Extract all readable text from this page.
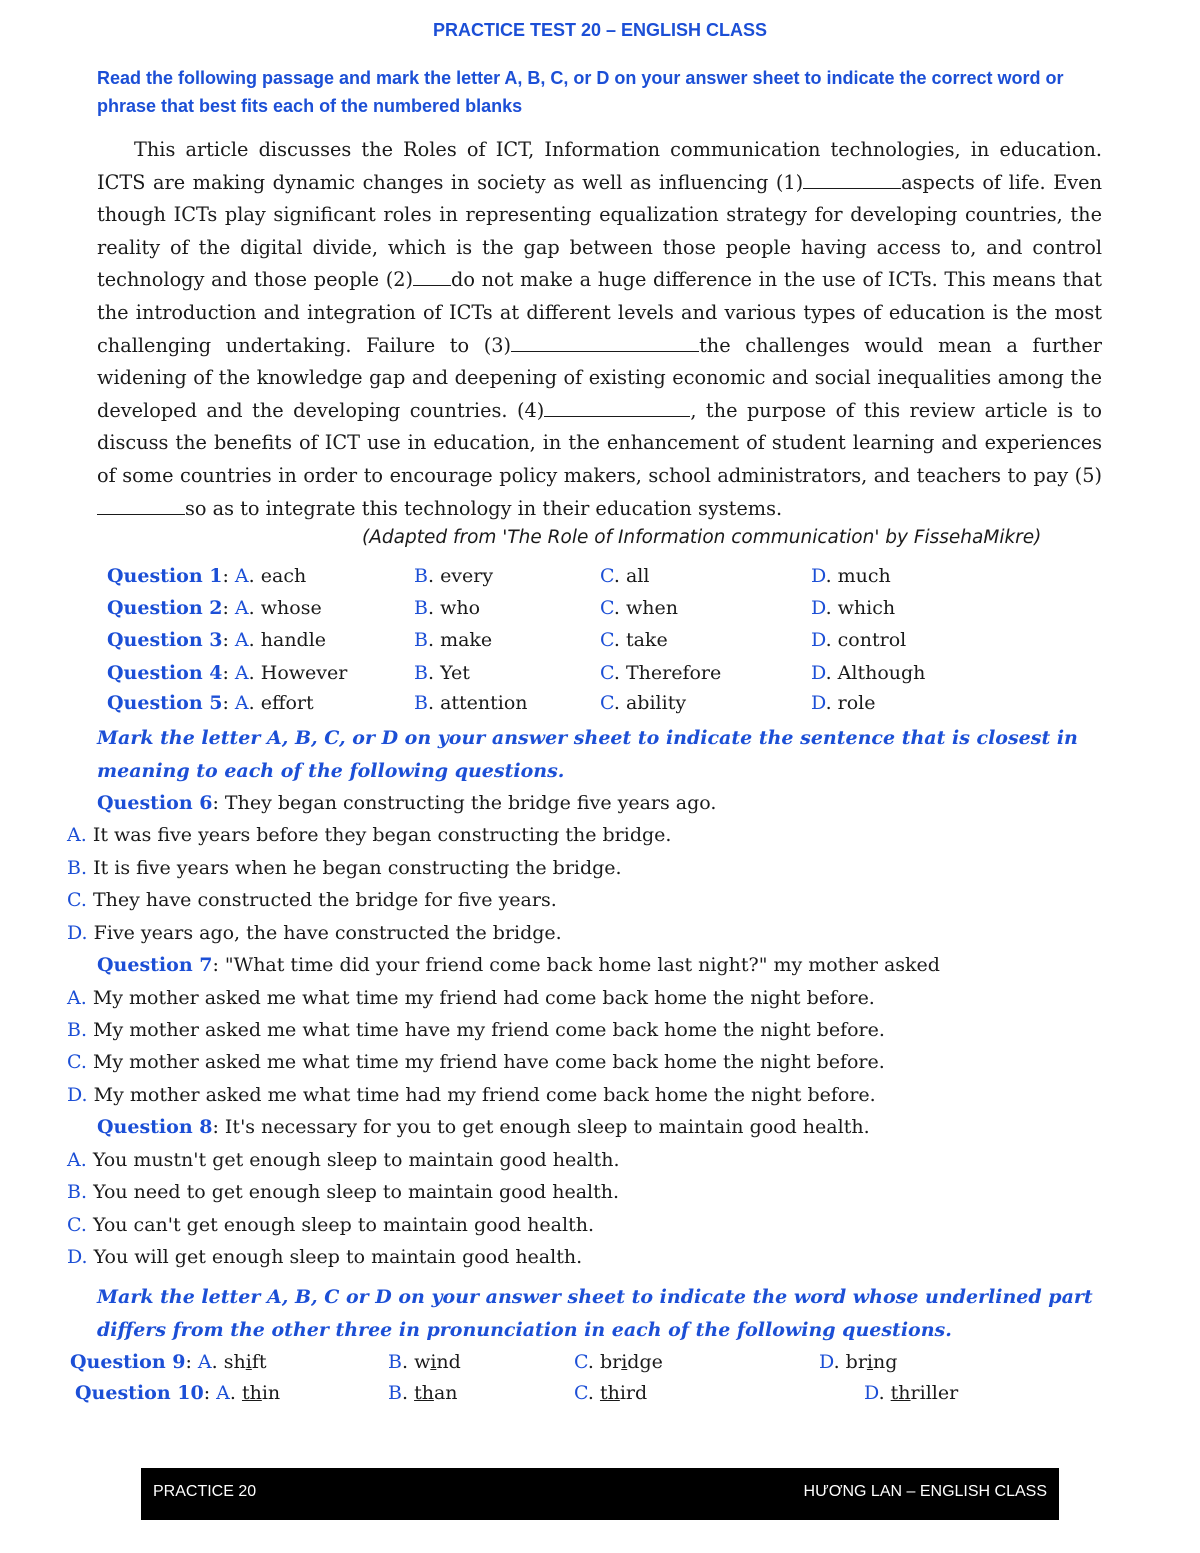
PRACTICE TEST 20 – ENGLISH CLASS
Read the following passage and mark the letter A, B, C, or D on your answer sheet to indicate the correct word or phrase that best fits each of the numbered blanks

This article discusses the Roles of ICT, Information communication technologies, in education. ICTS are making dynamic changes in society as well as influencing (1)	aspects of life. Even though ICTs play significant roles in representing equalization strategy for developing countries, the reality of the digital divide, which is the gap between those people having access to, and control technology and those people (2) do not make a huge difference in the use of ICTs. This means that the introduction and integration of ICTs at different levels and various types of education is the most challenging undertaking. Failure to (3)	the challenges would mean a further widening of the knowledge gap and deepening of existing economic and social inequalities among the developed and the developing countries. (4)	, the purpose of this review article is to discuss the benefits of ICT use in education, in the enhancement of student learning and experiences of some countries in order to encourage policy makers, school administrators, and teachers to pay (5)so as to integrate this technology in their education systems.

(Adapted from 'The Role of Information communication' by FissehaMikre)
Question 1: A. each	B. every	C. all	D. much
Question 2: A. whose	B. who	C. when	D. which
Question 3: A. handle	B. make	C. take	D. control
Question 4: A. However	B. Yet	C. Therefore	D. Although
Question 5: A. effort	B. attention	C. ability	D. role
Mark the letter A, B, C, or D on your answer sheet to indicate the sentence that is closest in
meaning to each of the following questions.
Question 6: They began constructing the bridge five years ago.
A. It was five years before they began constructing the bridge.
B. It is five years when he began constructing the bridge.
C. They have constructed the bridge for five years.
D. Five years ago, the have constructed the bridge.
Question 7: "What time did your friend come back home last night?" my mother asked
A. My mother asked me what time my friend had come back home the night before.
B. My mother asked me what time have my friend come back home the night before.
C. My mother asked me what time my friend have come back home the night before.
D. My mother asked me what time had my friend come back home the night before.
Question 8: It's necessary for you to get enough sleep to maintain good health.
A. You mustn't get enough sleep to maintain good health.
B. You need to get enough sleep to maintain good health.
C. You can't get enough sleep to maintain good health.
D. You will get enough sleep to maintain good health.
Mark the letter A, B, C or D on your answer sheet to indicate the word whose underlined part
differs from the other three in pronunciation in each of the following questions.
Question 9: A. shift	B. wind	C. bridge	D. bring
Question 10: A. thin	B. than	C. third	D. thriller
PRACTICE 20	HƯƠNG LAN – ENGLISH CLASS
